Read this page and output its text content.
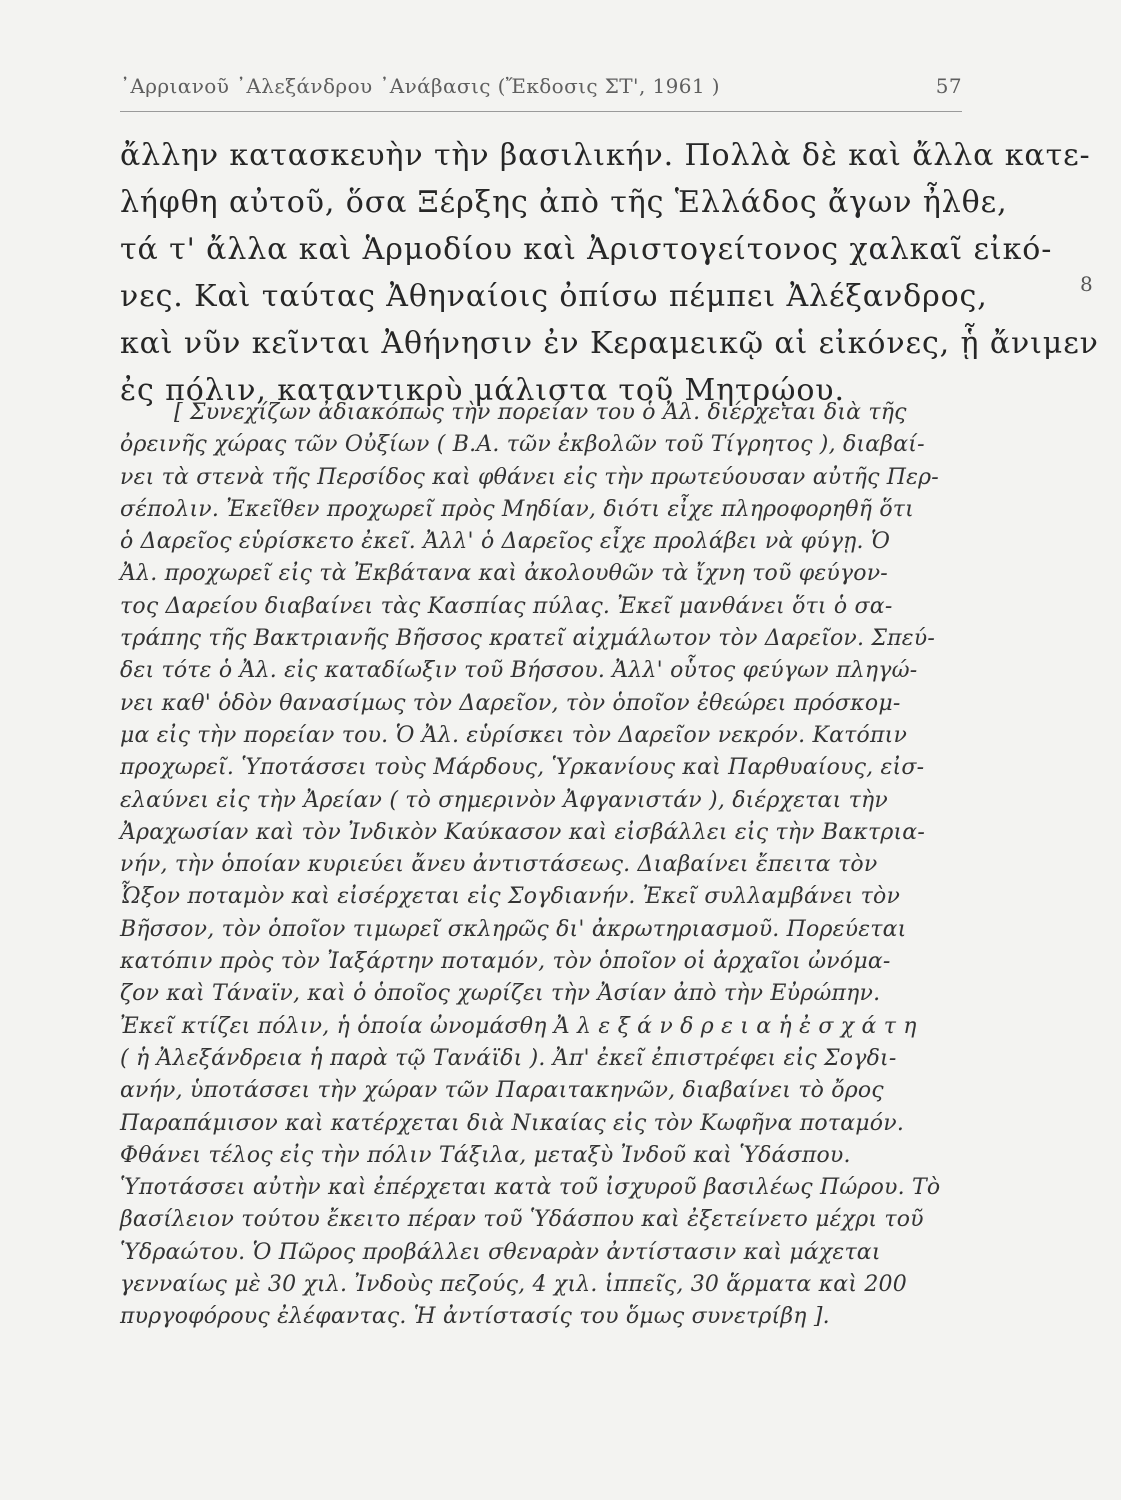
᾿Αρριανοῦ ᾿Αλεξάνδρου ᾿Ανάβασις (Ἔκδοσις ΣΤ', 1961 )	57
ἄλλην κατασκευὴν τὴν βασιλικήν. Πολλὰ δὲ καὶ ἄλλα κατε-
λήφθη αὐτοῦ, ὅσα Ξέρξης ἀπὸ τῆς Ἑλλάδος ἄγων ἦλθε,
τά τ' ἄλλα καὶ Ἁρμοδίου καὶ Ἀριστογείτονος χαλκαῖ εἰκό-
νες. Καὶ ταύτας Ἀθηναίοις ὀπίσω πέμπει Ἀλέξανδρος,
καὶ νῦν κεῖνται Ἀθήνησιν ἐν Κεραμεικῷ αἱ εἰκόνες, ᾗ ἄνιμεν
ἐς πόλιν, καταντικρὺ μάλιστα τοῦ Μητρῴου.
8
[ Συνεχίζων ἀδιακόπως τὴν πορείαν του ὁ Ἀλ. διέρχεται διὰ τῆς
ὀρεινῆς χώρας τῶν Οὐξίων ( Β.Α. τῶν ἐκβολῶν τοῦ Τίγρητος ), διαβαί-
νει τὰ στενὰ τῆς Περσίδος καὶ φθάνει εἰς τὴν πρωτεύουσαν αὐτῆς Περ-
σέπολιν. Ἐκεῖθεν προχωρεῖ πρὸς Μηδίαν, διότι εἶχε πληροφορηθῆ ὅτι
ὁ Δαρεῖος εὑρίσκετο ἐκεῖ. Ἀλλ' ὁ Δαρεῖος εἶχε προλάβει νὰ φύγῃ. Ὁ
Ἀλ. προχωρεῖ εἰς τὰ Ἐκβάτανα καὶ ἀκολουθῶν τὰ ἴχνη τοῦ φεύγον-
τος Δαρείου διαβαίνει τὰς Κασπίας πύλας. Ἐκεῖ μανθάνει ὅτι ὁ σα-
τράπης τῆς Βακτριανῆς Βῆσσος κρατεῖ αἰχμάλωτον τὸν Δαρεῖον. Σπεύ-
δει τότε ὁ Ἀλ. εἰς καταδίωξιν τοῦ Βήσσου. Ἀλλ' οὗτος φεύγων πληγώ-
νει καθ' ὁδὸν θανασίμως τὸν Δαρεῖον, τὸν ὁποῖον ἐθεώρει πρόσκομ-
μα εἰς τὴν πορείαν του. Ὁ Ἀλ. εὑρίσκει τὸν Δαρεῖον νεκρόν. Κατόπιν
προχωρεῖ. Ὑποτάσσει τοὺς Μάρδους, Ὑρκανίους καὶ Παρθυαίους, εἰσ-
ελαύνει εἰς τὴν Ἀρείαν ( τὸ σημερινὸν Ἀφγανιστάν ), διέρχεται τὴν
Ἀραχωσίαν καὶ τὸν Ἰνδικὸν Καύκασον καὶ εἰσβάλλει εἰς τὴν Βακτρια-
νήν, τὴν ὁποίαν κυριεύει ἄνευ ἀντιστάσεως. Διαβαίνει ἔπειτα τὸν
Ὦξον ποταμὸν καὶ εἰσέρχεται εἰς Σογδιανήν. Ἐκεῖ συλλαμβάνει τὸν
Βῆσσον, τὸν ὁποῖον τιμωρεῖ σκληρῶς δι' ἀκρωτηριασμοῦ. Πορεύεται
κατόπιν πρὸς τὸν Ἰαξάρτην ποταμόν, τὸν ὁποῖον οἱ ἀρχαῖοι ὠνόμα-
ζον καὶ Τάναϊν, καὶ ὁ ὁποῖος χωρίζει τὴν Ἀσίαν ἀπὸ τὴν Εὐρώπην.
Ἐκεῖ κτίζει πόλιν, ἡ ὁποία ὠνομάσθη Ἀ λ ε ξ ά ν δ ρ ε ι α ἡ ἐ σ χ ά τ η
( ἡ Ἀλεξάνδρεια ἡ παρὰ τῷ Τανάϊδι ). Ἀπ' ἐκεῖ ἐπιστρέφει εἰς Σογδι-
ανήν, ὑποτάσσει τὴν χώραν τῶν Παραιτακηνῶν, διαβαίνει τὸ ὄρος
Παραπάμισον καὶ κατέρχεται διὰ Νικαίας εἰς τὸν Κωφῆνα ποταμόν.
Φθάνει τέλος εἰς τὴν πόλιν Τάξιλα, μεταξὺ Ἰνδοῦ καὶ Ὑδάσπου.
Ὑποτάσσει αὐτὴν καὶ ἐπέρχεται κατὰ τοῦ ἰσχυροῦ βασιλέως Πώρου. Τὸ
βασίλειον τούτου ἔκειτο πέραν τοῦ Ὑδάσπου καὶ ἐξετείνετο μέχρι τοῦ
Ὑδραώτου. Ὁ Πῶρος προβάλλει σθεναρὰν ἀντίστασιν καὶ μάχεται
γενναίως μὲ 30 χιλ. Ἰνδοὺς πεζούς, 4 χιλ. ἱππεῖς, 30 ἅρματα καὶ 200
πυργοφόρους ἐλέφαντας. Ἡ ἀντίστασίς του ὅμως συνετρίβη ].
